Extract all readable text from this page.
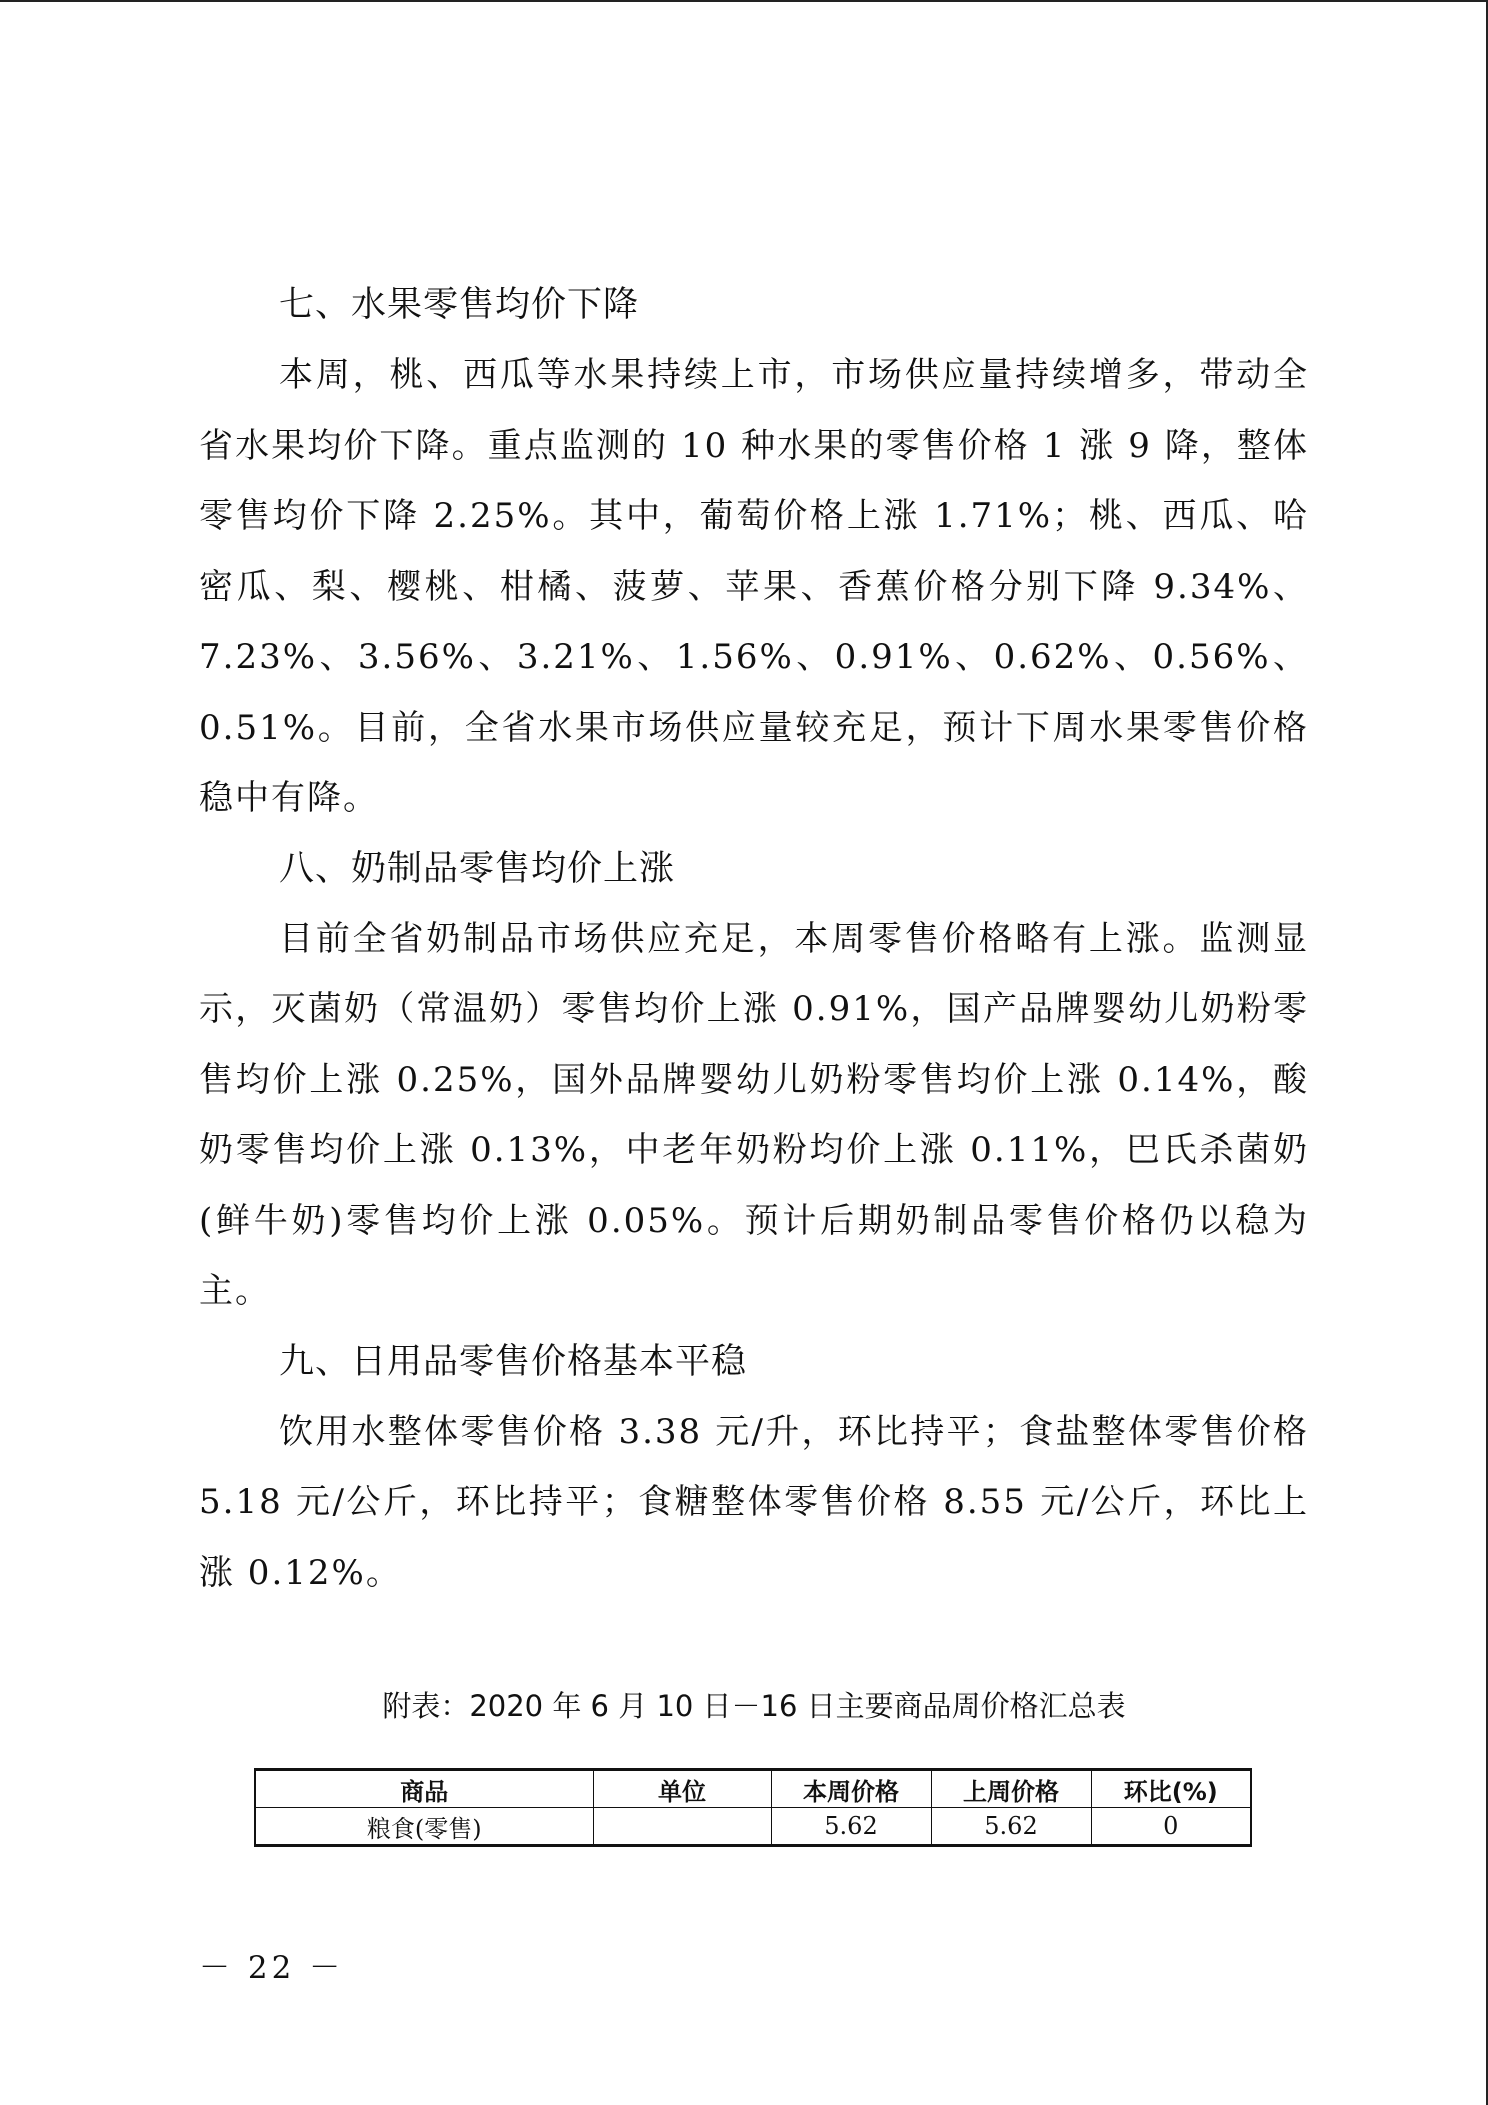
七、水果零售均价下降

本周，桃、西瓜等水果持续上市，市场供应量持续增多，带动全省水果均价下降。重点监测的 10 种水果的零售价格 1 涨 9 降，整体零售均价下降 2.25%。其中，葡萄价格上涨 1.71%；桃、西瓜、哈密瓜、梨、樱桃、柑橘、菠萝、苹果、香蕉价格分别下降 9.34%、7.23%、3.56%、3.21%、1.56%、0.91%、0.62%、0.56%、0.51%。目前，全省水果市场供应量较充足，预计下周水果零售价格稳中有降。

八、奶制品零售均价上涨

目前全省奶制品市场供应充足，本周零售价格略有上涨。监测显示，灭菌奶（常温奶）零售均价上涨 0.91%，国产品牌婴幼儿奶粉零售均价上涨 0.25%，国外品牌婴幼儿奶粉零售均价上涨 0.14%，酸奶零售均价上涨 0.13%，中老年奶粉均价上涨 0.11%，巴氏杀菌奶(鲜牛奶)零售均价上涨 0.05%。预计后期奶制品零售价格仍以稳为主。

九、日用品零售价格基本平稳

饮用水整体零售价格 3.38 元/升，环比持平；食盐整体零售价格 5.18 元/公斤，环比持平；食糖整体零售价格 8.55 元/公斤，环比上涨 0.12%。

附表：2020 年 6 月 10 日－16 日主要商品周价格汇总表
商品	单位	本周价格	上周价格	环比(%)
粮食(零售)		5.62	5.62	0
－ 22 －
